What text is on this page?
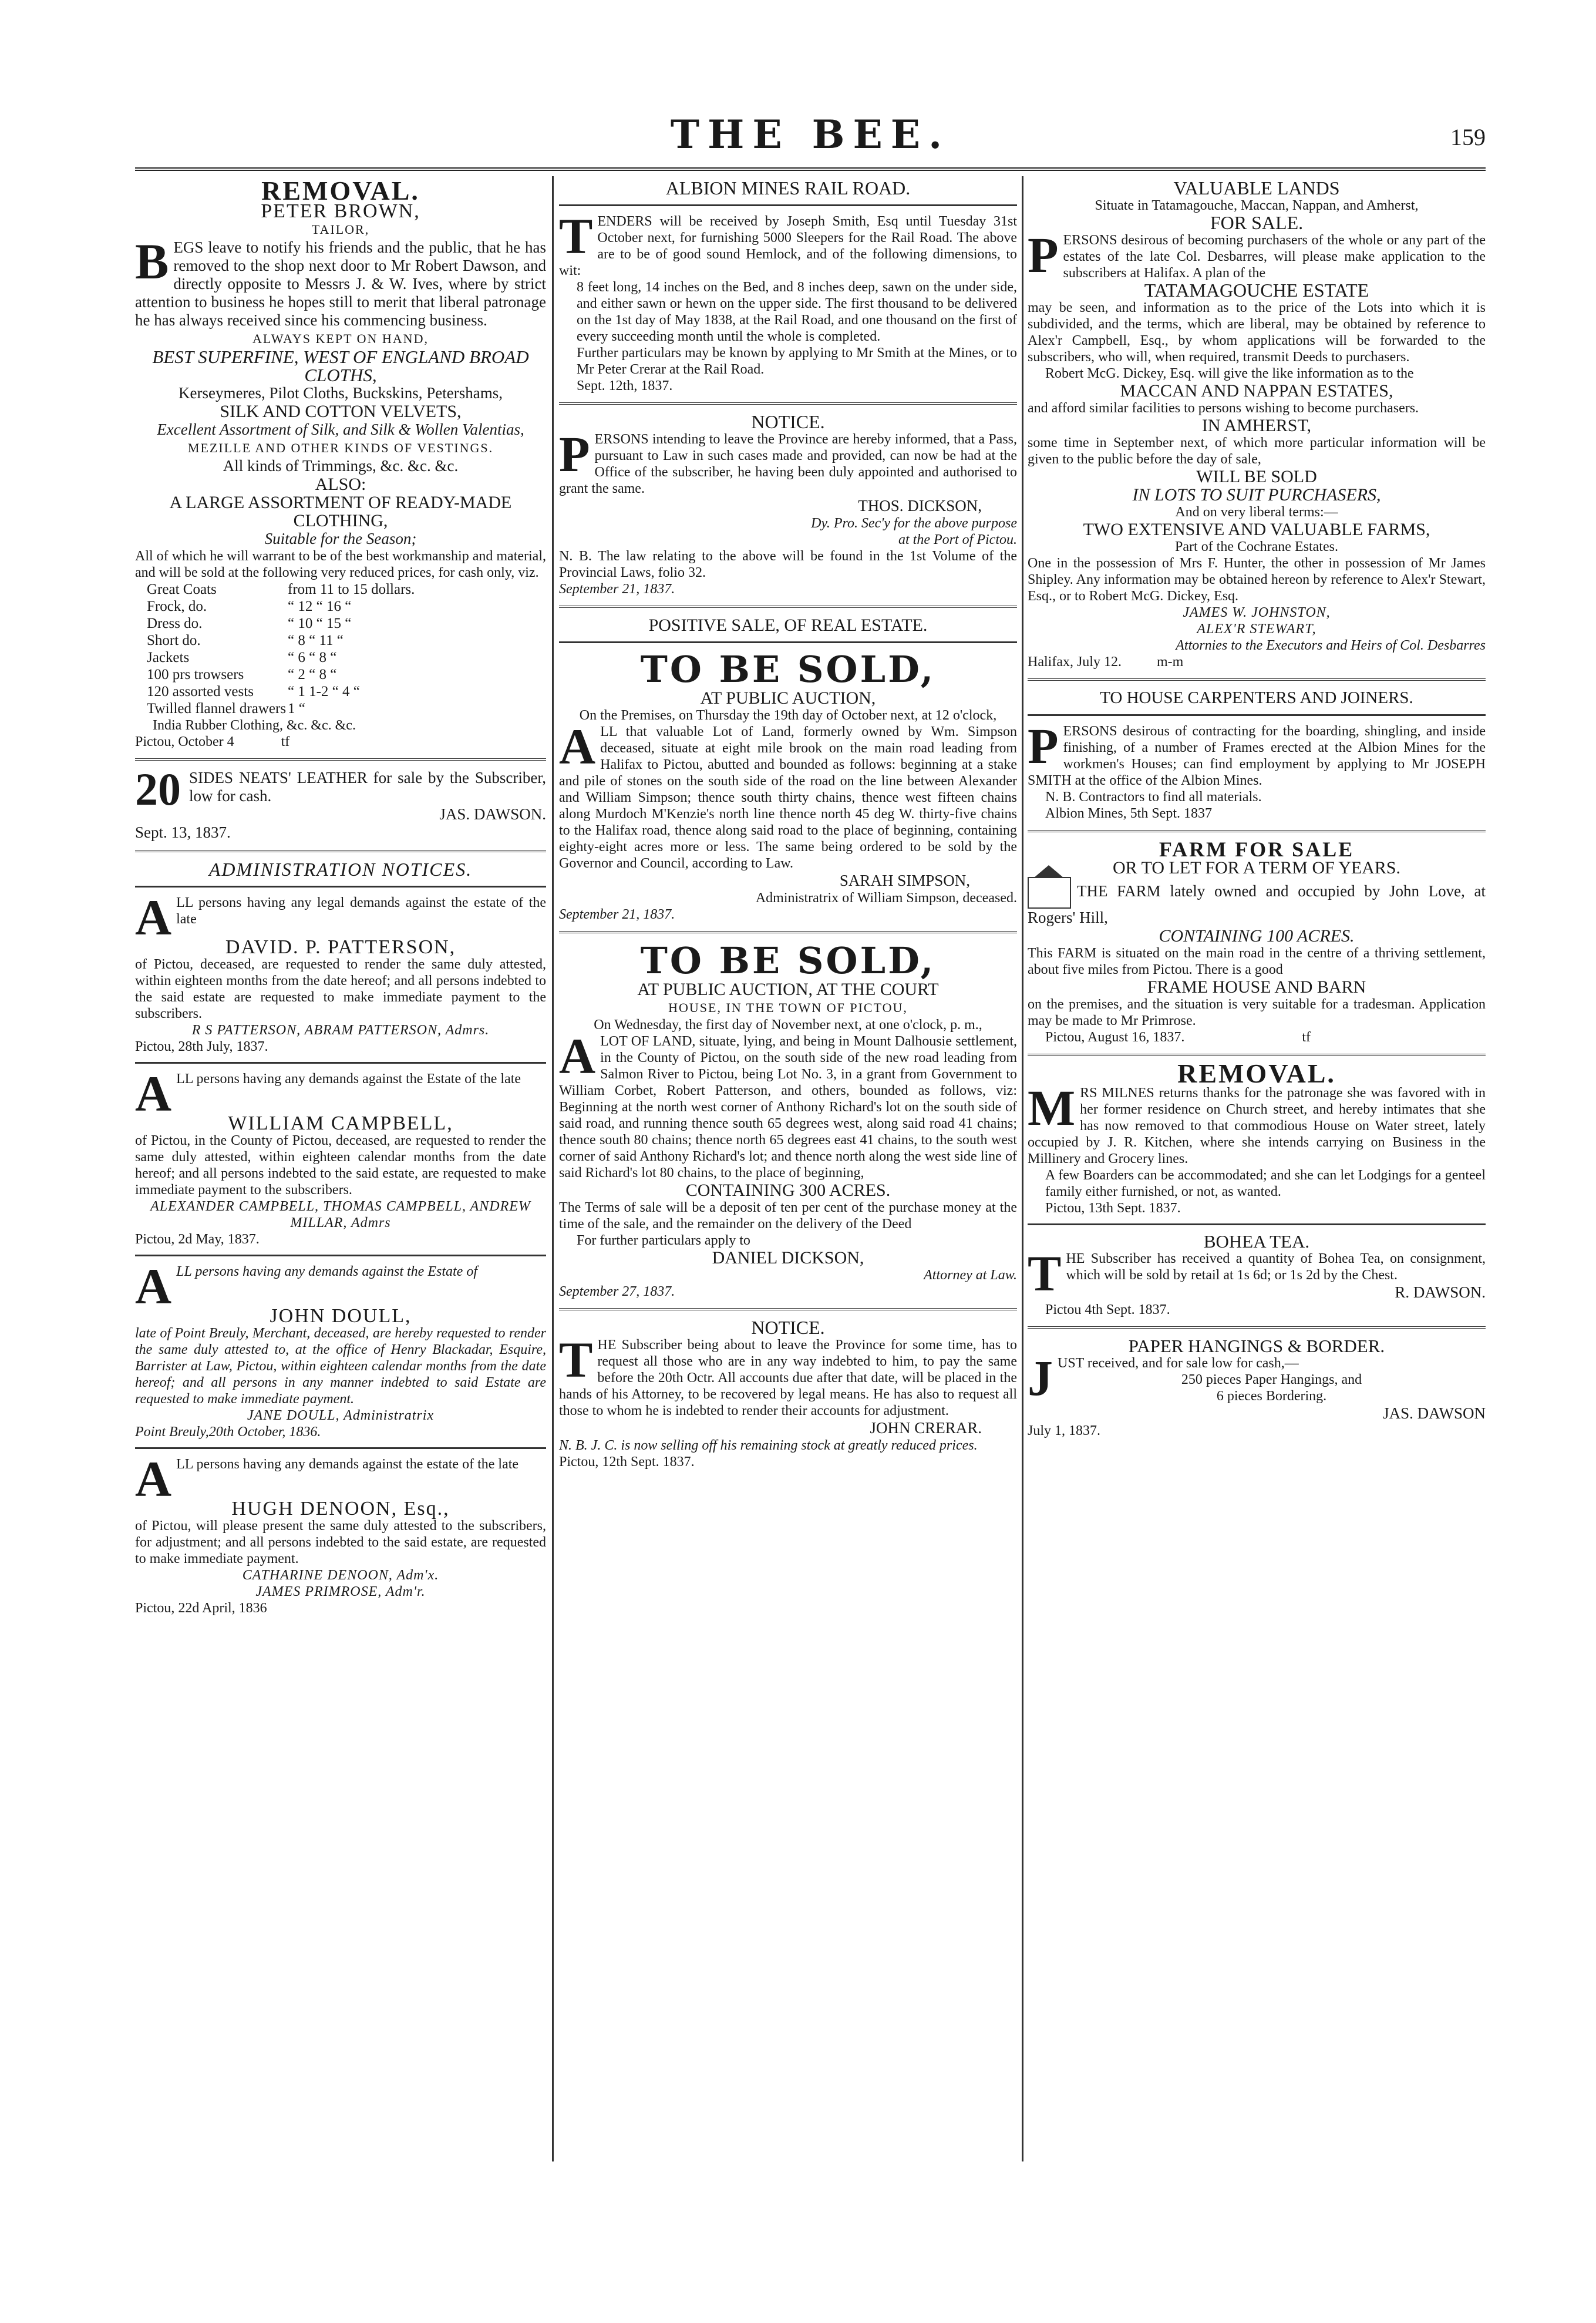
THE BEE.	159
REMOVAL.
PETER BROWN,
TAILOR,
BEGS leave to notify his friends and the public, that he has removed to the shop next door to Mr Robert Dawson, and directly opposite to Messrs J. & W. Ives, where by strict attention to business he hopes still to merit that liberal patronage he has always received since his commencing business.
ALWAYS KEPT ON HAND,
BEST SUPERFINE, WEST OF ENGLAND BROAD CLOTHS,
Kerseymeres, Pilot Cloths, Buckskins, Petershams,
SILK AND COTTON VELVETS,
Excellent Assortment of Silk, and Silk & Wollen Valentias,
MEZILLE AND OTHER KINDS OF VESTINGS.
All kinds of Trimmings, &c. &c. &c.
ALSO:
A LARGE ASSORTMENT OF READY-MADE CLOTHING,
Suitable for the Season;
All of which he will warrant to be of the best workmanship and material, and will be sold at the following very reduced prices, for cash only, viz.
Great Coats	from 11 to 15 dollars.
Frock, do.	“ 12 “ 16 “
Dress do.	“ 10 “ 15 “
Short do.	“ 8 “ 11 “
Jackets	“ 6 “ 8 “
100 prs trowsers	“ 2 “ 8 “
120 assorted vests	“ 1 1-2 “ 4 “
Twilled flannel drawers 1 “
India Rubber Clothing, &c. &c. &c.
Pictou, October 4	tf
20 SIDES NEATS' LEATHER for sale by the Subscriber, low for cash.
JAS. DAWSON.
Sept. 13, 1837.
ADMINISTRATION NOTICES.
ALL persons having any legal demands against the estate of the late
DAVID. P. PATTERSON,
of Pictou, deceased, are requested to render the same duly attested, within eighteen months from the date hereof; and all persons indebted to the said estate are requested to make immediate payment to the subscribers.
R S PATTERSON, ABRAM PATTERSON, Admrs.
Pictou, 28th July, 1837.
ALL persons having any demands against the Estate of the late
WILLIAM CAMPBELL,
of Pictou, in the County of Pictou, deceased, are requested to render the same duly attested, within eighteen calendar months from the date hereof; and all persons indebted to the said estate, are requested to make immediate payment to the subscribers.
ALEXANDER CAMPBELL, THOMAS CAMPBELL, ANDREW MILLAR, Admrs
Pictou, 2d May, 1837.
ALL persons having any demands against the Estate of
JOHN DOULL,
late of Point Breuly, Merchant, deceased, are hereby requested to render the same duly attested to, at the office of Henry Blackadar, Esquire, Barrister at Law, Pictou, within eighteen calendar months from the date hereof; and all persons in any manner indebted to said Estate are requested to make immediate payment.
JANE DOULL, Administratrix
Point Breuly,20th October, 1836.
ALL persons having any demands against the estate of the late
HUGH DENOON, Esq.,
of Pictou, will please present the same duly attested to the subscribers, for adjustment; and all persons indebted to the said estate, are requested to make immediate payment.
CATHARINE DENOON, Adm'x.
JAMES PRIMROSE, Adm'r.
Pictou, 22d April, 1836
ALBION MINES RAIL ROAD.
TENDERS will be received by Joseph Smith, Esq until Tuesday 31st October next, for furnishing 5000 Sleepers for the Rail Road. The above are to be of good sound Hemlock, and of the following dimensions, to wit:
8 feet long, 14 inches on the Bed, and 8 inches deep, sawn on the under side, and either sawn or hewn on the upper side. The first thousand to be delivered on the 1st day of May 1838, at the Rail Road, and one thousand on the first of every succeeding month until the whole is completed.
Further particulars may be known by applying to Mr Smith at the Mines, or to Mr Peter Crerar at the Rail Road.
Sept. 12th, 1837.
NOTICE.
PERSONS intending to leave the Province are hereby informed, that a Pass, pursuant to Law in such cases made and provided, can now be had at the Office of the subscriber, he having been duly appointed and authorised to grant the same.
THOS. DICKSON,
Dy. Pro. Sec'y for the above purpose
at the Port of Pictou.
N. B. The law relating to the above will be found in the 1st Volume of the Provincial Laws, folio 32.
September 21, 1837.
POSITIVE SALE, OF REAL ESTATE.
TO BE SOLD,
AT PUBLIC AUCTION,
On the Premises, on Thursday the 19th day of October next, at 12 o'clock,
ALL that valuable Lot of Land, formerly owned by Wm. Simpson deceased, situate at eight mile brook on the main road leading from Halifax to Pictou, abutted and bounded as follows: beginning at a stake and pile of stones on the south side of the road on the line between Alexander and William Simpson; thence south thirty chains, thence west fifteen chains along Murdoch M'Kenzie's north line thence north 45 deg W. thirty-five chains to the Halifax road, thence along said road to the place of beginning, containing eighty-eight acres more or less. The same being ordered to be sold by the Governor and Council, according to Law.
SARAH SIMPSON,
Administratrix of William Simpson, deceased.
September 21, 1837.
TO BE SOLD,
AT PUBLIC AUCTION, AT THE COURT
HOUSE, IN THE TOWN OF PICTOU,
On Wednesday, the first day of November next, at one o'clock, p. m.,
ALOT OF LAND, situate, lying, and being in Mount Dalhousie settlement, in the County of Pictou, on the south side of the new road leading from Salmon River to Pictou, being Lot No. 3, in a grant from Government to William Corbet, Robert Patterson, and others, bounded as follows, viz: Beginning at the north west corner of Anthony Richard's lot on the south side of said road, and running thence south 65 degrees west, along said road 41 chains; thence south 80 chains; thence north 65 degrees east 41 chains, to the south west corner of said Anthony Richard's lot; and thence north along the west side line of said Richard's lot 80 chains, to the place of beginning,
CONTAINING 300 ACRES.
The Terms of sale will be a deposit of ten per cent of the purchase money at the time of the sale, and the remainder on the delivery of the Deed
For further particulars apply to
DANIEL DICKSON,
Attorney at Law.
September 27, 1837.
NOTICE.
THE Subscriber being about to leave the Province for some time, has to request all those who are in any way indebted to him, to pay the same before the 20th Octr. All accounts due after that date, will be placed in the hands of his Attorney, to be recovered by legal means. He has also to request all those to whom he is indebted to render their accounts for adjustment.
JOHN CRERAR.
N. B. J. C. is now selling off his remaining stock at greatly reduced prices.
Pictou, 12th Sept. 1837.
VALUABLE LANDS
Situate in Tatamagouche, Maccan, Nappan, and Amherst,
FOR SALE.
PERSONS desirous of becoming purchasers of the whole or any part of the estates of the late Col. Desbarres, will please make application to the subscribers at Halifax. A plan of the
TATAMAGOUCHE ESTATE
may be seen, and information as to the price of the Lots into which it is subdivided, and the terms, which are liberal, may be obtained by reference to Alex'r Campbell, Esq., by whom applications will be forwarded to the subscribers, who will, when required, transmit Deeds to purchasers.
Robert McG. Dickey, Esq. will give the like information as to the
MACCAN AND NAPPAN ESTATES,
and afford similar facilities to persons wishing to become purchasers.
IN AMHERST,
some time in September next, of which more particular information will be given to the public before the day of sale,
WILL BE SOLD
IN LOTS TO SUIT PURCHASERS,
And on very liberal terms:—
TWO EXTENSIVE AND VALUABLE FARMS,
Part of the Cochrane Estates.
One in the possession of Mrs F. Hunter, the other in possession of Mr James Shipley. Any information may be obtained hereon by reference to Alex'r Stewart, Esq., or to Robert McG. Dickey, Esq.
JAMES W. JOHNSTON,
ALEX'R STEWART,
Attornies to the Executors and Heirs of Col. Desbarres
Halifax, July 12.	m-m
TO HOUSE CARPENTERS AND JOINERS.
PERSONS desirous of contracting for the boarding, shingling, and inside finishing, of a number of Frames erected at the Albion Mines for the workmen's Houses; can find employment by applying to Mr JOSEPH SMITH at the office of the Albion Mines.
N. B. Contractors to find all materials.
Albion Mines, 5th Sept. 1837
FARM FOR SALE
OR TO LET FOR A TERM OF YEARS.
THE FARM lately owned and occupied by John Love, at Rogers' Hill,
CONTAINING 100 ACRES.
This FARM is situated on the main road in the centre of a thriving settlement, about five miles from Pictou. There is a good
FRAME HOUSE AND BARN
on the premises, and the situation is very suitable for a tradesman. Application may be made to Mr Primrose.
Pictou, August 16, 1837.	tf
REMOVAL.
MRS MILNES returns thanks for the patronage she was favored with in her former residence on Church street, and hereby intimates that she has now removed to that commodious House on Water street, lately occupied by J. R. Kitchen, where she intends carrying on Business in the Millinery and Grocery lines.
A few Boarders can be accommodated; and she can let Lodgings for a genteel family either furnished, or not, as wanted.
Pictou, 13th Sept. 1837.
BOHEA TEA.
THE Subscriber has received a quantity of Bohea Tea, on consignment, which will be sold by retail at 1s 6d; or 1s 2d by the Chest.
R. DAWSON.
Pictou 4th Sept. 1837.
PAPER HANGINGS & BORDER.
JUST received, and for sale low for cash,—
250 pieces Paper Hangings, and
6 pieces Bordering.
JAS. DAWSON
July 1, 1837.
